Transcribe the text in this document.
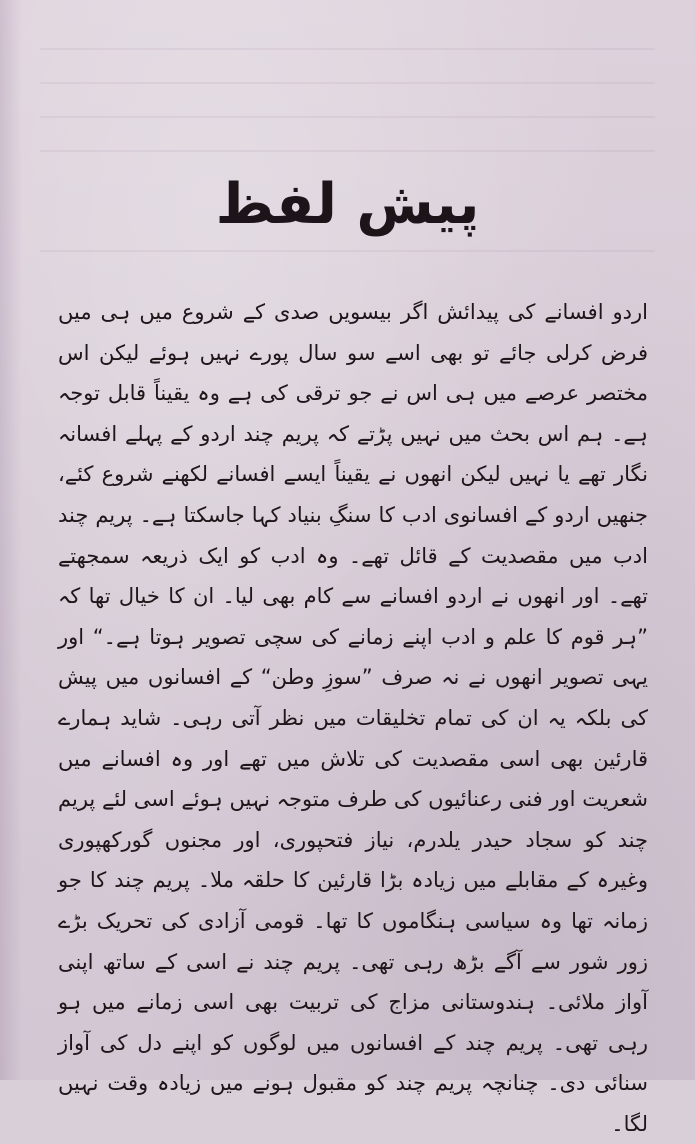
پیش لفظ

اردو افسانے کی پیدائش اگر بیسویں صدی کے شروع میں ہی میں فرض کرلی جائے تو بھی اسے سو سال پورے نہیں ہوئے لیکن اس مختصر عرصے میں ہی اس نے جو ترقی کی ہے وہ یقیناً قابل توجہ ہے۔ ہم اس بحث میں نہیں پڑتے کہ پریم چند اردو کے پہلے افسانہ نگار تھے یا نہیں لیکن انھوں نے یقیناً ایسے افسانے لکھنے شروع کئے، جنھیں اردو کے افسانوی ادب کا سنگِ بنیاد کہا جاسکتا ہے۔ پریم چند ادب میں مقصدیت کے قائل تھے۔ وہ ادب کو ایک ذریعہ سمجھتے تھے۔ اور انھوں نے اردو افسانے سے کام بھی لیا۔ ان کا خیال تھا کہ ”ہر قوم کا علم و ادب اپنے زمانے کی سچی تصویر ہوتا ہے۔“ اور یہی تصویر انھوں نے نہ صرف ”سوزِ وطن“ کے افسانوں میں پیش کی بلکہ یہ ان کی تمام تخلیقات میں نظر آتی رہی۔ شاید ہمارے قارئین بھی اسی مقصدیت کی تلاش میں تھے اور وہ افسانے میں شعریت اور فنی رعنائیوں کی طرف متوجہ نہیں ہوئے اسی لئے پریم چند کو سجاد حیدر یلدرم، نیاز فتحپوری، اور مجنوں گورکھپوری وغیرہ کے مقابلے میں زیادہ بڑا قارئین کا حلقہ ملا۔ پریم چند کا جو زمانہ تھا وہ سیاسی ہنگاموں کا تھا۔ قومی آزادی کی تحریک بڑے زور شور سے آگے بڑھ رہی تھی۔ پریم چند نے اسی کے ساتھ اپنی آواز ملائی۔ ہندوستانی مزاج کی تربیت بھی اسی زمانے میں ہو رہی تھی۔ پریم چند کے افسانوں میں لوگوں کو اپنے دل کی آواز سنائی دی۔ چنانچہ پریم چند کو مقبول ہونے میں زیادہ وقت نہیں لگا۔
